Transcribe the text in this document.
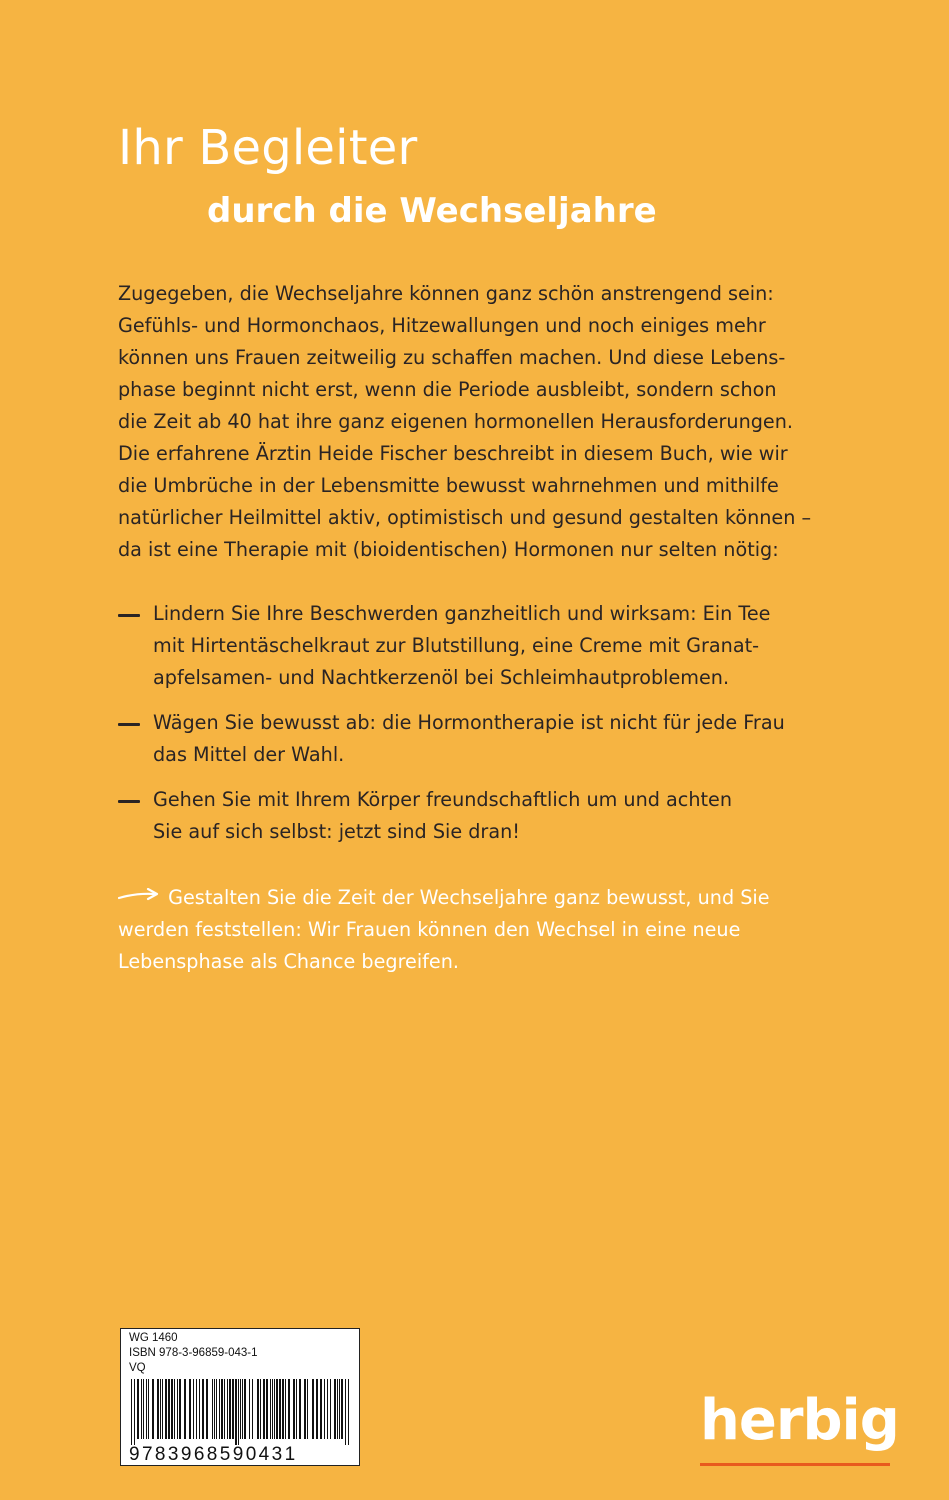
Ihr Begleiter
durch die Wechseljahre
Zugegeben, die Wechseljahre können ganz schön anstrengend sein:
Gefühls- und Hormonchaos, Hitzewallungen und noch einiges mehr
können uns Frauen zeitweilig zu schaffen machen. Und diese Lebens-
phase beginnt nicht erst, wenn die Periode ausbleibt, sondern schon
die Zeit ab 40 hat ihre ganz eigenen hormonellen Herausforderungen.
Die erfahrene Ärztin Heide Fischer beschreibt in diesem Buch, wie wir
die Umbrüche in der Lebensmitte bewusst wahrnehmen und mithilfe
natürlicher Heilmittel aktiv, optimistisch und gesund gestalten können –
da ist eine Therapie mit (bioidentischen) Hormonen nur selten nötig:
Lindern Sie Ihre Beschwerden ganzheitlich und wirksam: Ein Tee
mit Hirtentäschelkraut zur Blutstillung, eine Creme mit Granat-
apfelsamen- und Nachtkerzenöl bei Schleimhautproblemen.
Wägen Sie bewusst ab: die Hormontherapie ist nicht für jede Frau
das Mittel der Wahl.
Gehen Sie mit Ihrem Körper freundschaftlich um und achten
Sie auf sich selbst: jetzt sind Sie dran!
Gestalten Sie die Zeit der Wechseljahre ganz bewusst, und Sie
werden feststellen: Wir Frauen können den Wechsel in eine neue
Lebensphase als Chance begreifen.
WG 1460
ISBN 978-3-96859-043-1
VQ
9783968590431
herbig
